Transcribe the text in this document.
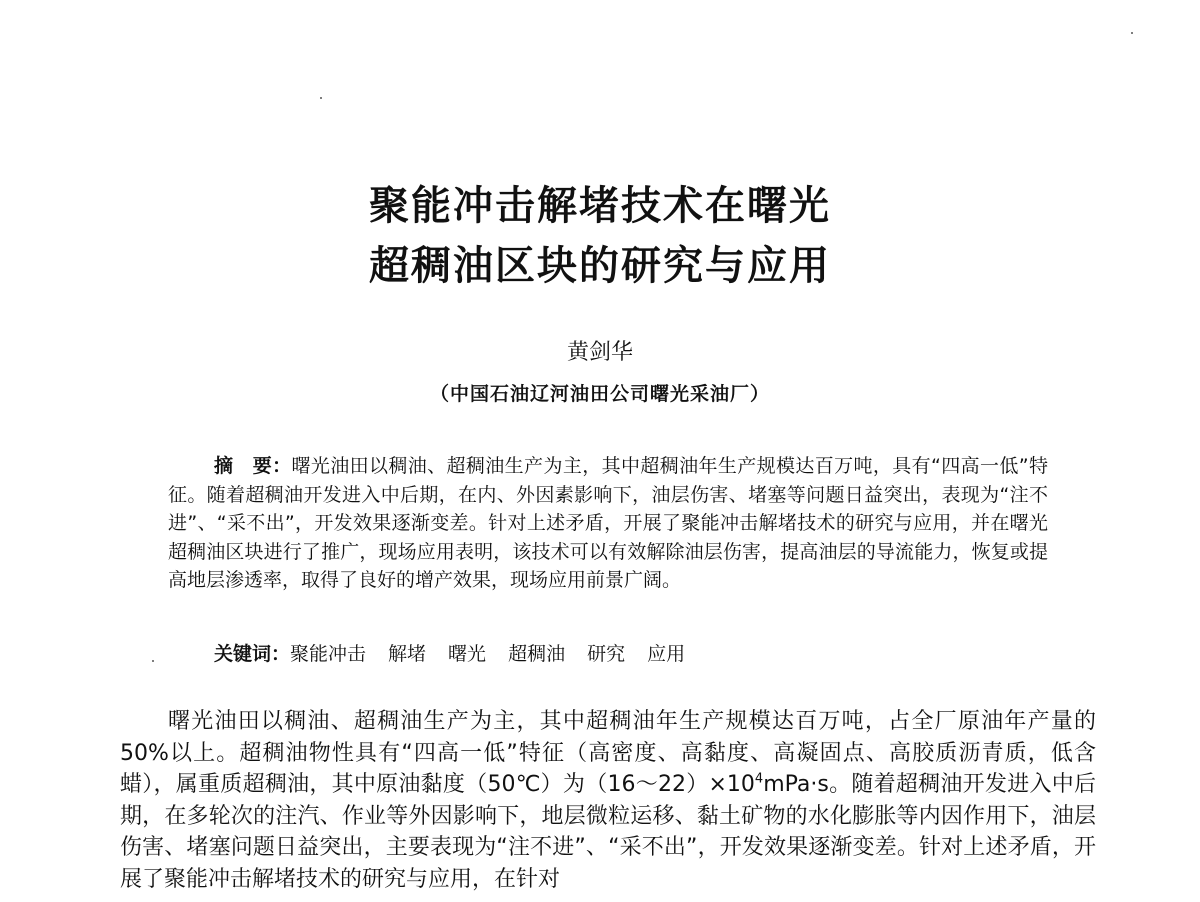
聚能冲击解堵技术在曙光
超稠油区块的研究与应用
黄剑华
（中国石油辽河油田公司曙光采油厂）

摘　要：曙光油田以稠油、超稠油生产为主，其中超稠油年生产规模达百万吨，具有“四高一低”特征。随着超稠油开发进入中后期，在内、外因素影响下，油层伤害、堵塞等问题日益突出，表现为“注不进”、“采不出”，开发效果逐渐变差。针对上述矛盾，开展了聚能冲击解堵技术的研究与应用，并在曙光超稠油区块进行了推广，现场应用表明，该技术可以有效解除油层伤害，提高油层的导流能力，恢复或提高地层渗透率，取得了良好的增产效果，现场应用前景广阔。

关键词：聚能冲击 解堵 曙光 超稠油 研究 应用

曙光油田以稠油、超稠油生产为主，其中超稠油年生产规模达百万吨，占全厂原油年产量的50%以上。超稠油物性具有“四高一低”特征（高密度、高黏度、高凝固点、高胶质沥青质，低含蜡），属重质超稠油，其中原油黏度（50℃）为$(16\sim 22)\times 10^4mPa\cdot s$。随着超稠油开发进入中后期，在多轮次的注汽、作业等外因影响下，地层微粒运移、黏土矿物的水化膨胀等内因作用下，油层伤害、堵塞问题日益突出，主要表现为“注不进”、“采不出”，开发效果逐渐变差。针对上述矛盾，开展了聚能冲击解堵技术的研究与应用，在针对
